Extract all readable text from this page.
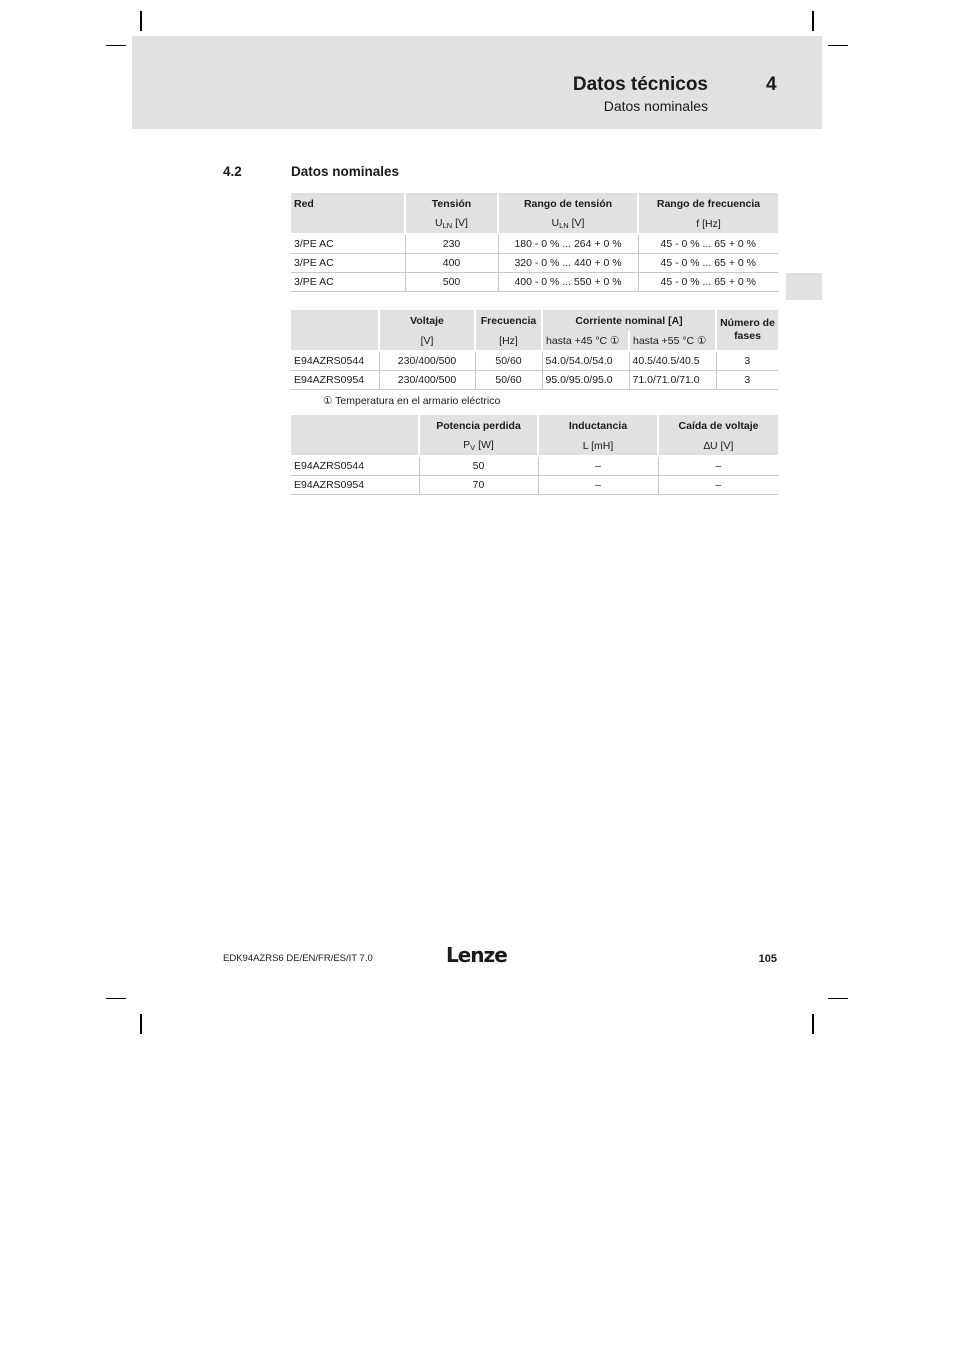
Datos técnicos	4
Datos nominales
4.2	Datos nominales
Red	Tensión	Rango de tensión	Rango de frecuencia
	$U_{LN}$ [V]	$U_{LN}$ [V]	f [Hz]

3/PE AC	230	180 - 0 % ... 264 + 0 %	45 - 0 % ... 65 + 0 %
3/PE AC	400	320 - 0 % ... 440 + 0 %	45 - 0 % ... 65 + 0 %
3/PE AC	500	400 - 0 % ... 550 + 0 %	45 - 0 % ... 65 + 0 %
	Voltaje	Frecuencia	Corriente nominal [A]		Número de fases
	[V]	[Hz]	hasta +45 °C ①	hasta +55 °C ①	

E94AZRS0544	230/400/500	50/60	54.0/54.0/54.0	40.5/40.5/40.5	3
E94AZRS0954	230/400/500	50/60	95.0/95.0/95.0	71.0/71.0/71.0	3
① Temperatura en el armario eléctrico
	Potencia perdida	Inductancia	Caída de voltaje
	$P_V$ [W]	L [mH]	∆U [V]

E94AZRS0544	50	–	–
E94AZRS0954	70	–	–
EDK94AZRS6 DE/EN/FR/ES/IT 7.0	Lenze	105
